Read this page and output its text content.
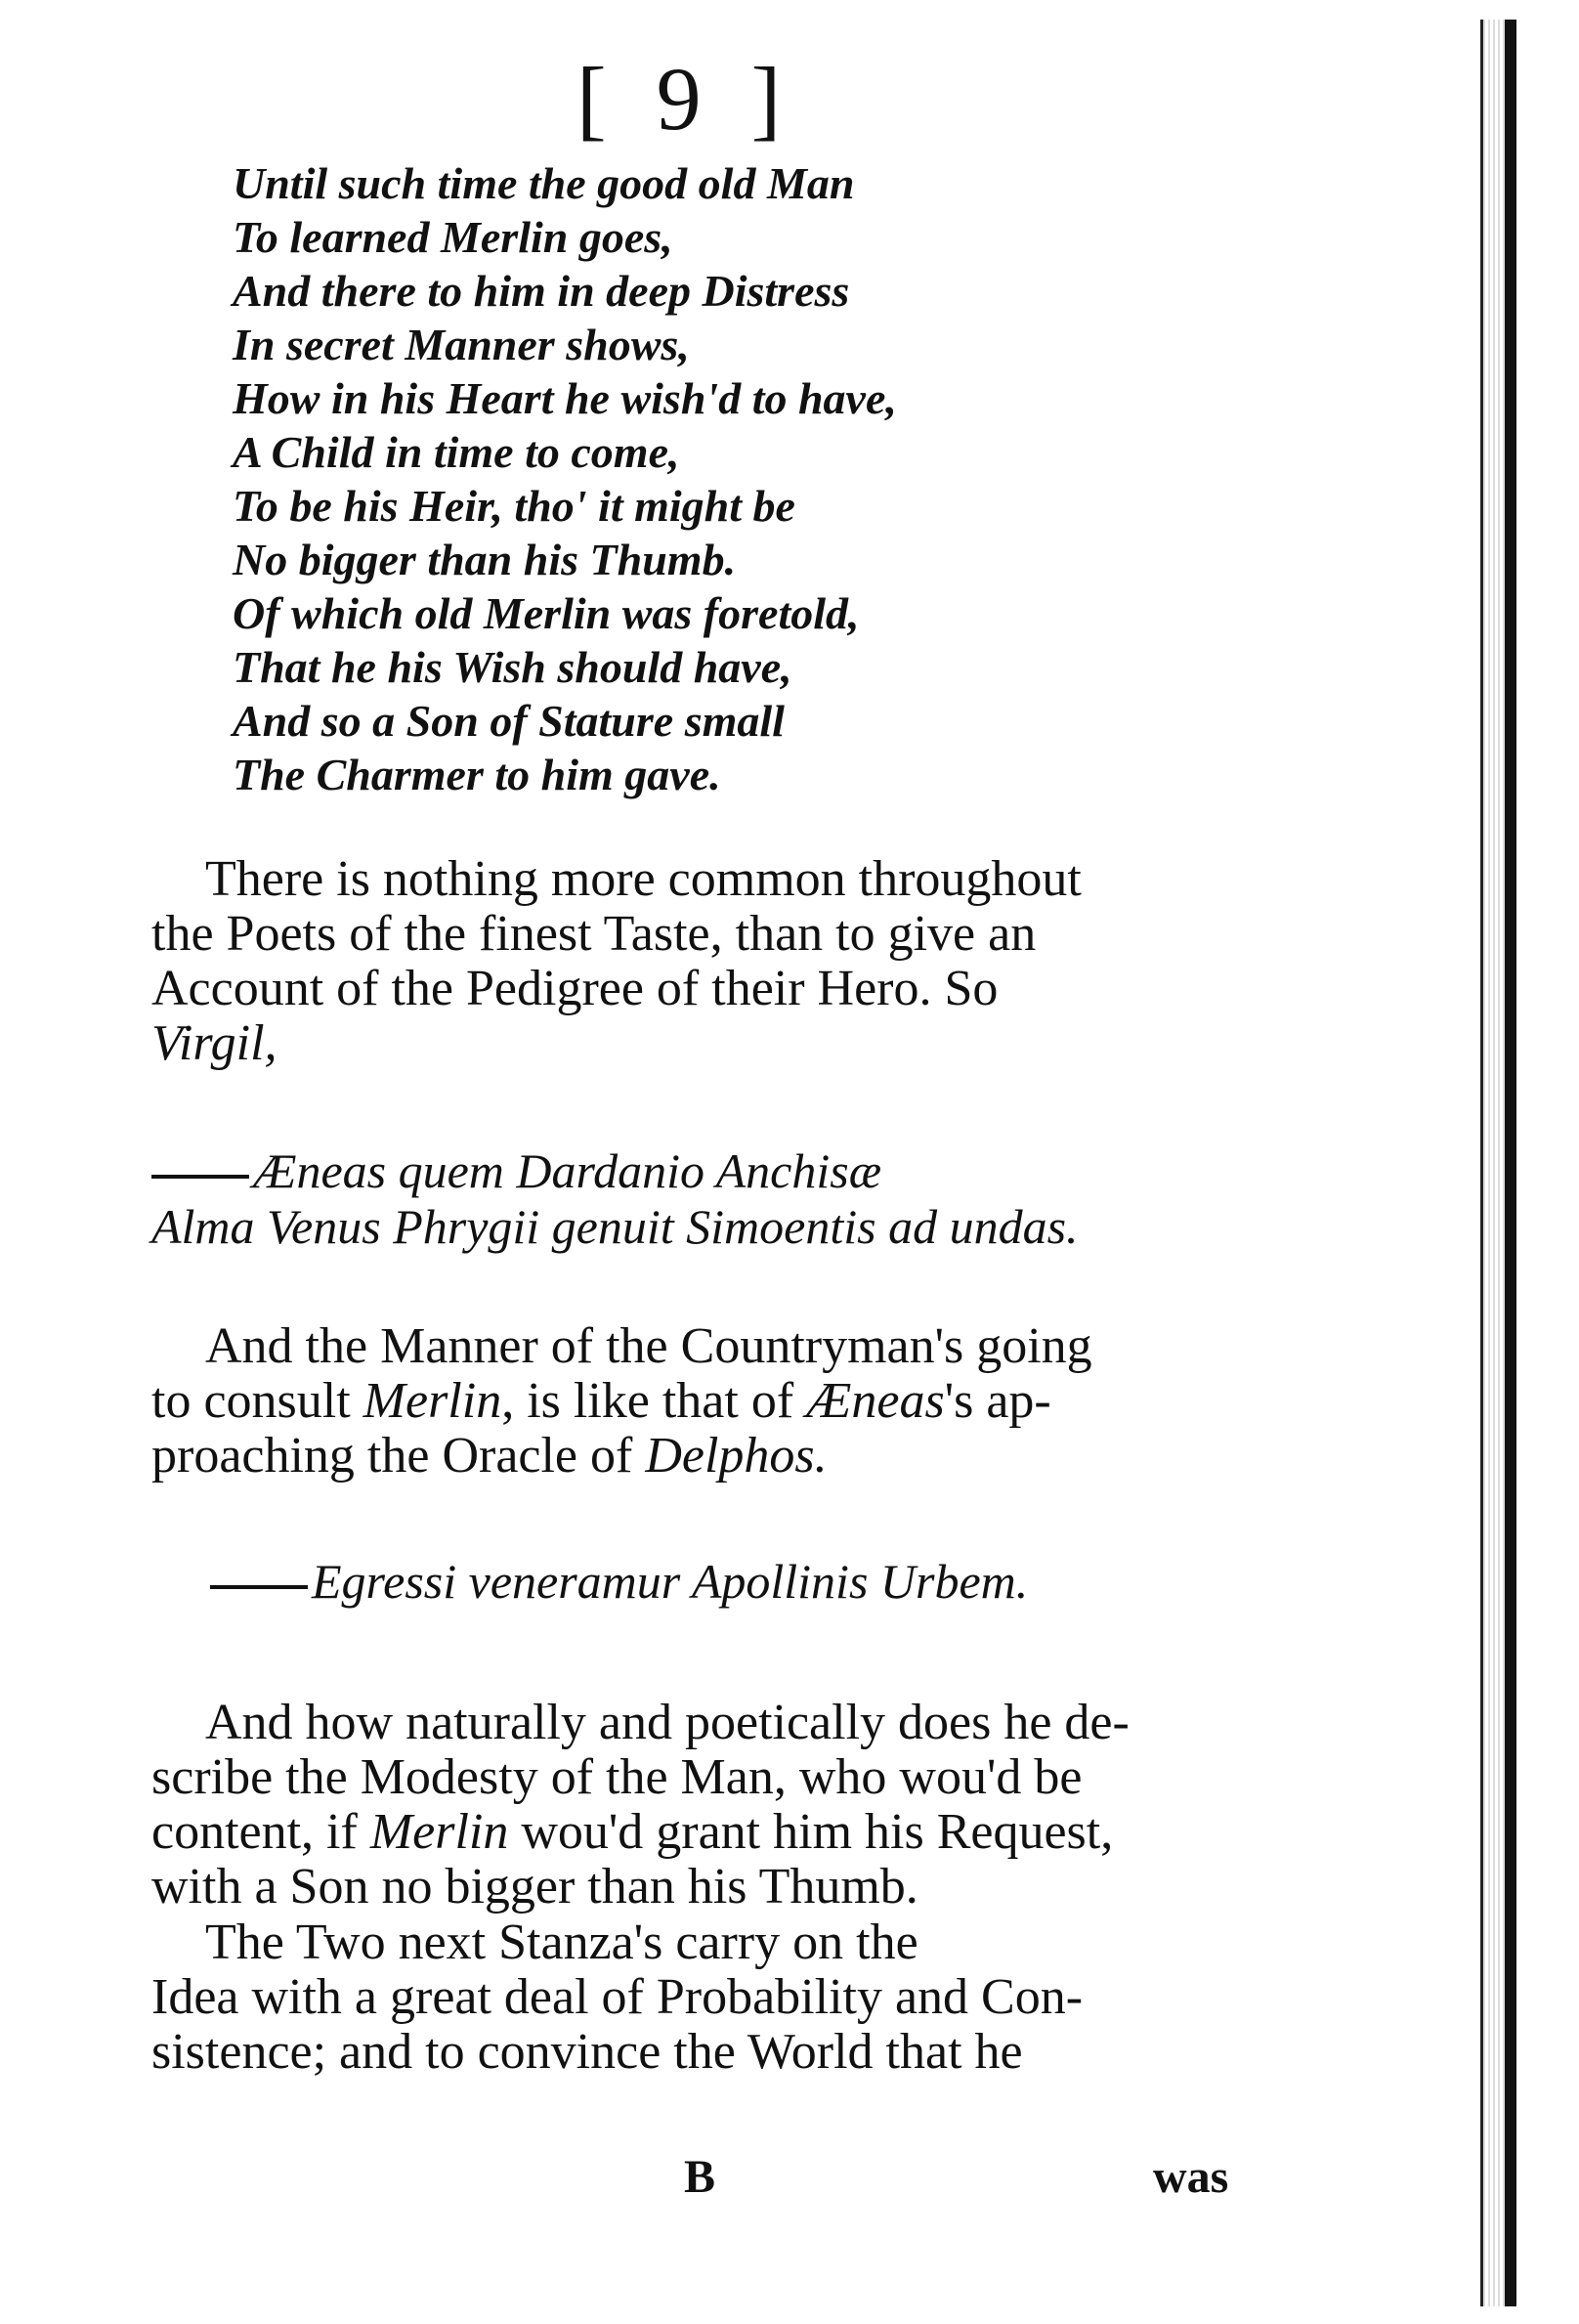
[ 9 ]
Until such time the good old Man
To learned Merlin goes,
And there to him in deep Distress
In secret Manner shows,
How in his Heart he wish'd to have,
A Child in time to come,
To be his Heir, tho' it might be
No bigger than his Thumb.
Of which old Merlin was foretold,
That he his Wish should have,
And so a Son of Stature small
The Charmer to him gave.
There is nothing more common throughout
the Poets of the finest Taste, than to give an
Account of the Pedigree of their Hero. So
Virgil,
Æneas quem Dardanio Anchisæ
Alma Venus Phrygii genuit Simoentis ad undas.
And the Manner of the Countryman's going
to consult Merlin, is like that of Æneas's ap-
proaching the Oracle of Delphos.
Egressi veneramur Apollinis Urbem.
And how naturally and poetically does he de-
scribe the Modesty of the Man, who wou'd be
content, if Merlin wou'd grant him his Request,
with a Son no bigger than his Thumb.
The Two next Stanza's carry on the
Idea with a great deal of Probability and Con-
sistence; and to convince the World that he
B	was
